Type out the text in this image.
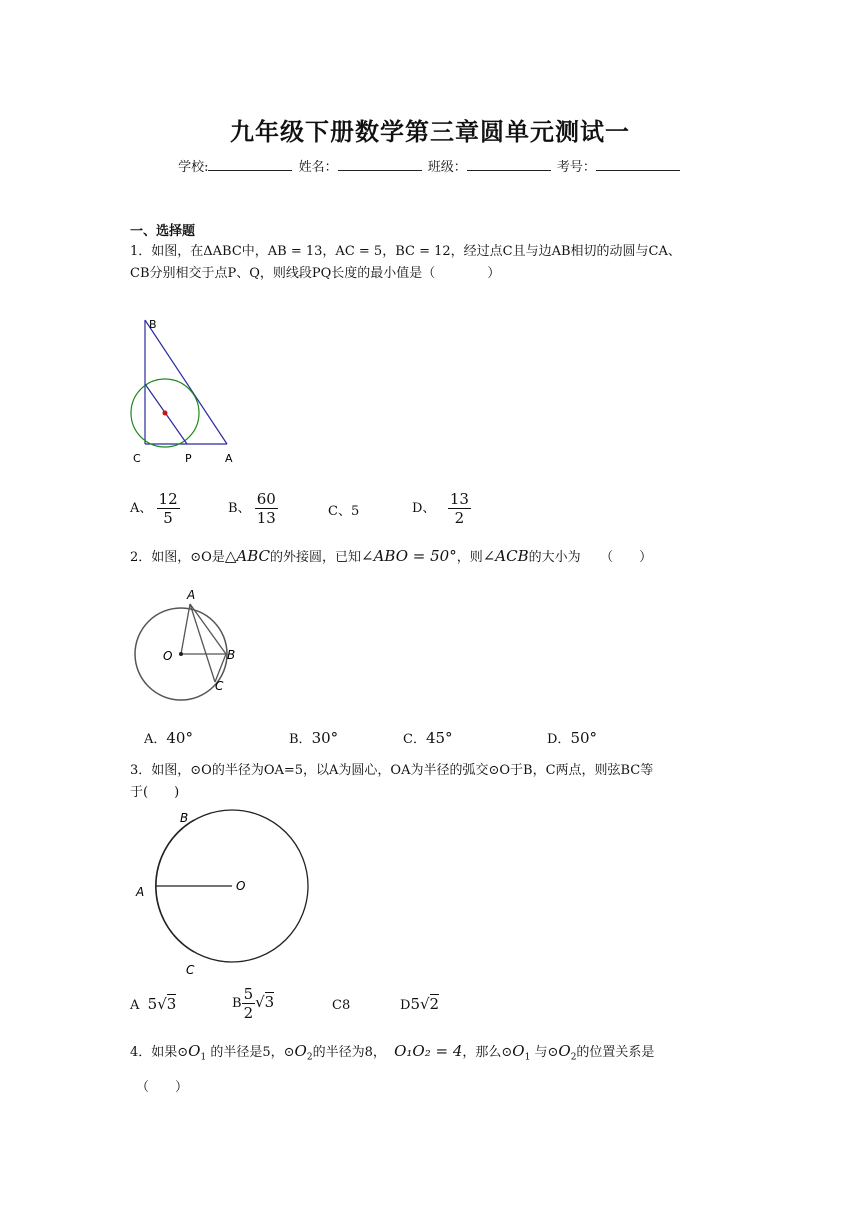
九年级下册数学第三章圆单元测试一
学校:	姓名：	班级：	考号：
一、选择题
1．如图，在ΔABC中，AB = 13，AC = 5，BC = 12，经过点C且与边AB相切的动圆与CA、
CB分别相交于点P、Q，则线段PQ长度的最小值是（　　　　）
B
C	P	A
A、 $\frac{12}{5}$	B、 $\frac{60}{13}$	C、5	D、 $\frac{13}{2}$
2．如图，⊙O是△ABC的外接圆，已知∠ABO = 50°，则∠ACB的大小为　　（　　）
A
O	B
C
A．40°	B．30°	C．45°	D．50°
3．如图，⊙O的半径为OA=5，以A为圆心，OA为半径的弧交⊙O于B，C两点，则弦BC等
于(　　)
B
A	O
C
A  5√3	B $\frac{5}{2} √3$	C8	D5√2
4．如果$⊙O_1$ 的半径是5，$⊙O_2$的半径为8， O₁O₂ = 4，那么$⊙O_1$ 与$⊙O_2$的位置关系是
（　　）
